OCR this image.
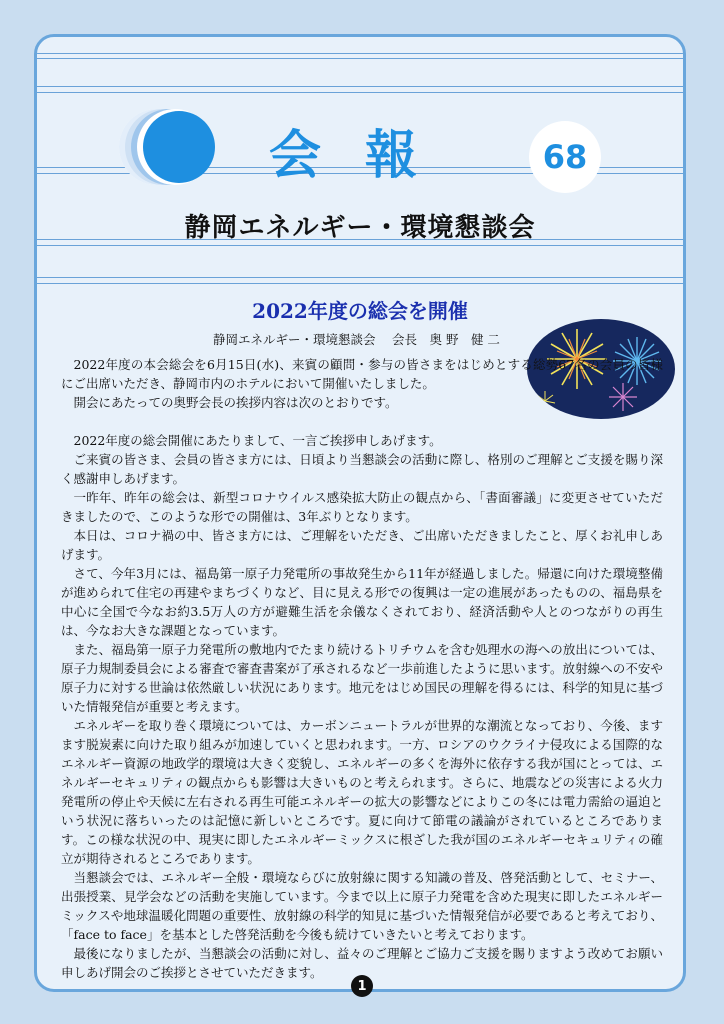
会報	68
静岡エネルギー・環境懇談会
2022年度の総会を開催
静岡エネルギー・環境懇談会　 会長　奥 野　健 二

2022年度の本会総会を6月15日(水)、来賓の顧問・参与の皆さまをはじめとする総勢67名の会員の皆様にご出席いただき、静岡市内のホテルにおいて開催いたしました。

開会にあたっての奥野会長の挨拶内容は次のとおりです。

2022年度の総会開催にあたりまして、一言ご挨拶申しあげます。

ご来賓の皆さま、会員の皆さま方には、日頃より当懇談会の活動に際し、格別のご理解とご支援を賜り深く感謝申しあげます。

一昨年、昨年の総会は、新型コロナウイルス感染拡大防止の観点から、「書面審議」に変更させていただきましたので、このような形での開催は、3年ぶりとなります。

本日は、コロナ禍の中、皆さま方には、ご理解をいただき、ご出席いただきましたこと、厚くお礼申しあげます。

さて、今年3月には、福島第一原子力発電所の事故発生から11年が経過しました。帰還に向けた環境整備が進められて住宅の再建やまちづくりなど、目に見える形での復興は一定の進展があったものの、福島県を中心に全国で今なお約3.5万人の方が避難生活を余儀なくされており、経済活動や人とのつながりの再生は、今なお大きな課題となっています。

また、福島第一原子力発電所の敷地内でたまり続けるトリチウムを含む処理水の海への放出については、原子力規制委員会による審査で審査書案が了承されるなど一歩前進したように思います。放射線への不安や原子力に対する世論は依然厳しい状況にあります。地元をはじめ国民の理解を得るには、科学的知見に基づいた情報発信が重要と考えます。

エネルギーを取り巻く環境については、カーボンニュートラルが世界的な潮流となっており、今後、ますます脱炭素に向けた取り組みが加速していくと思われます。一方、ロシアのウクライナ侵攻による国際的なエネルギー資源の地政学的環境は大きく変貌し、エネルギーの多くを海外に依存する我が国にとっては、エネルギーセキュリティの観点からも影響は大きいものと考えられます。さらに、地震などの災害による火力発電所の停止や天候に左右される再生可能エネルギーの拡大の影響などによりこの冬には電力需給の逼迫という状況に落ちいったのは記憶に新しいところです。夏に向けて節電の議論がされているところであります。この様な状況の中、現実に即したエネルギーミックスに根ざした我が国のエネルギーセキュリティの確立が期待されるところであります。

当懇談会では、エネルギー全般・環境ならびに放射線に関する知識の普及、啓発活動として、セミナー、出張授業、見学会などの活動を実施しています。今まで以上に原子力発電を含めた現実に即したエネルギーミックスや地球温暖化問題の重要性、放射線の科学的知見に基づいた情報発信が必要であると考えており、「face to face」を基本とした啓発活動を今後も続けていきたいと考えております。

最後になりましたが、当懇談会の活動に対し、益々のご理解とご協力ご支援を賜りますよう改めてお願い申しあげ開会のご挨拶とさせていただきます。

1
